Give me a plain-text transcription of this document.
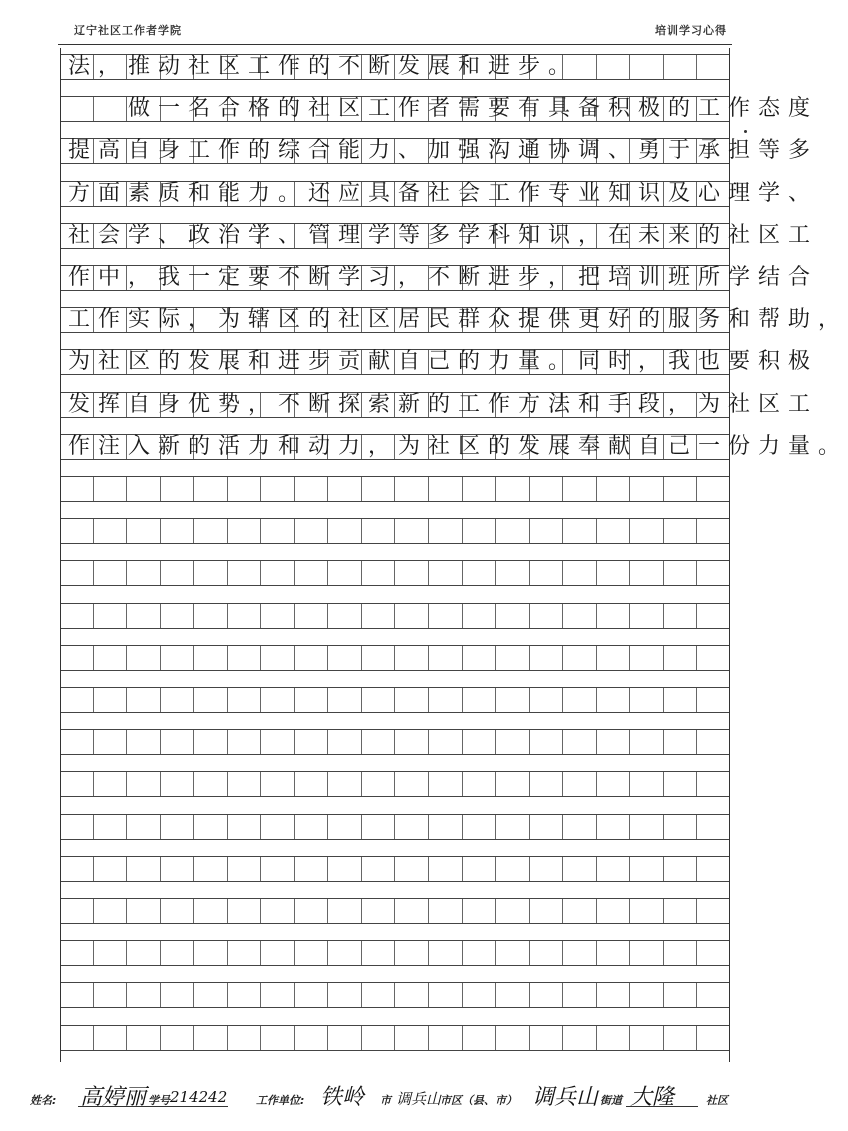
辽宁社区工作者学院	培训学习心得
法，推动社区工作的不断发展和进步。
　　做一名合格的社区工作者需要有具备积极的工作态度
提高自身工作的综合能力、加强沟通协调、勇于承担等多
方面素质和能力。还应具备社会工作专业知识及心理学、
社会学、政治学、管理学等多学科知识，在未来的社区工
作中，我一定要不断学习，不断进步，把培训班所学结合
工作实际，为辖区的社区居民群众提供更好的服务和帮助，
为社区的发展和进步贡献自己的力量。同时，我也要积极
发挥自身优势，不断探索新的工作方法和手段，为社区工
作注入新的活力和动力，为社区的发展奉献自己一份力量。
姓名: 高婷丽 学号 214242	工作单位: 铁岭 市 调兵山
市区（县、市） 调兵山 街道 大隆	社区
